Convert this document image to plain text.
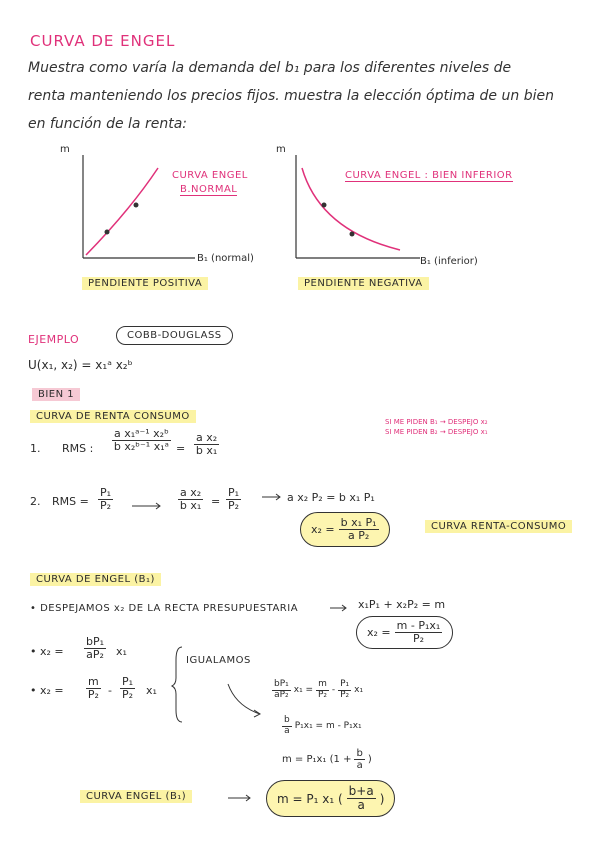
CURVA DE ENGEL
Muestra como varía la demanda del b₁ para los diferentes niveles de
renta manteniendo los precios fijos. muestra la elección óptima de un bien
en función de la renta:
m
B₁ (normal)
CURVA ENGEL
B.NORMAL
PENDIENTE POSITIVA
m
B₁ (inferior)
CURVA ENGEL : BIEN INFERIOR
PENDIENTE NEGATIVA
EJEMPLO	COBB-DOUGLASS
U(x₁, x₂) = x₁ᵃ x₂ᵇ
BIEN 1
CURVA DE RENTA CONSUMO	SI ME PIDEN B₁ → DESPEJO x₂
SI ME PIDEN B₂ → DESPEJO x₁
1. RMS : $\frac{\text{a x₁ᵃ⁻¹ x₂ᵇ}}{\text{b x₂ᵇ⁻¹ x₁ᵃ}} = \frac{\text{a x₂}}{\text{b x₁}}$
2. RMS = $\frac{\text{P₁}}{\text{P₂}}$	$\frac{\text{a x₂}}{\text{b x₁}} = \frac{\text{P₁}}{\text{P₂}}$	a x₂ P₂ = b x₁ P₁
$x_2 = \frac{\text{b x₁ P₁}}{\text{a P₂}}$	CURVA RENTA-CONSUMO
CURVA DE ENGEL (B₁)
• DESPEJAMOS x₂ DE LA RECTA PRESUPUESTARIA	x₁P₁ + x₂P₂ = m
$x_2 = \frac{\text{m - P₁x₁}}{\text{P₂}}$
• $x_2 = \frac{\text{bP₁}}{\text{aP₂}} x_1$
• $x_2 = \frac{m}{\text{P₂}} - \frac{\text{P₁}}{\text{P₂}} x_1$
IGUALAMOS
$\frac{\text{bP₁}}{\text{aP₂}} x_1 = \frac{m}{\text{P₂}} - \frac{\text{P₁}}{\text{P₂}} x_1$
$\frac{b}{a} P_1x_1 = m - P_1x_1$
m = P₁x₁ ($1 + \frac{b}{a}$ )
CURVA ENGEL (B₁)	m = P₁ x₁ ( $\frac{b+a}{a}$ )
